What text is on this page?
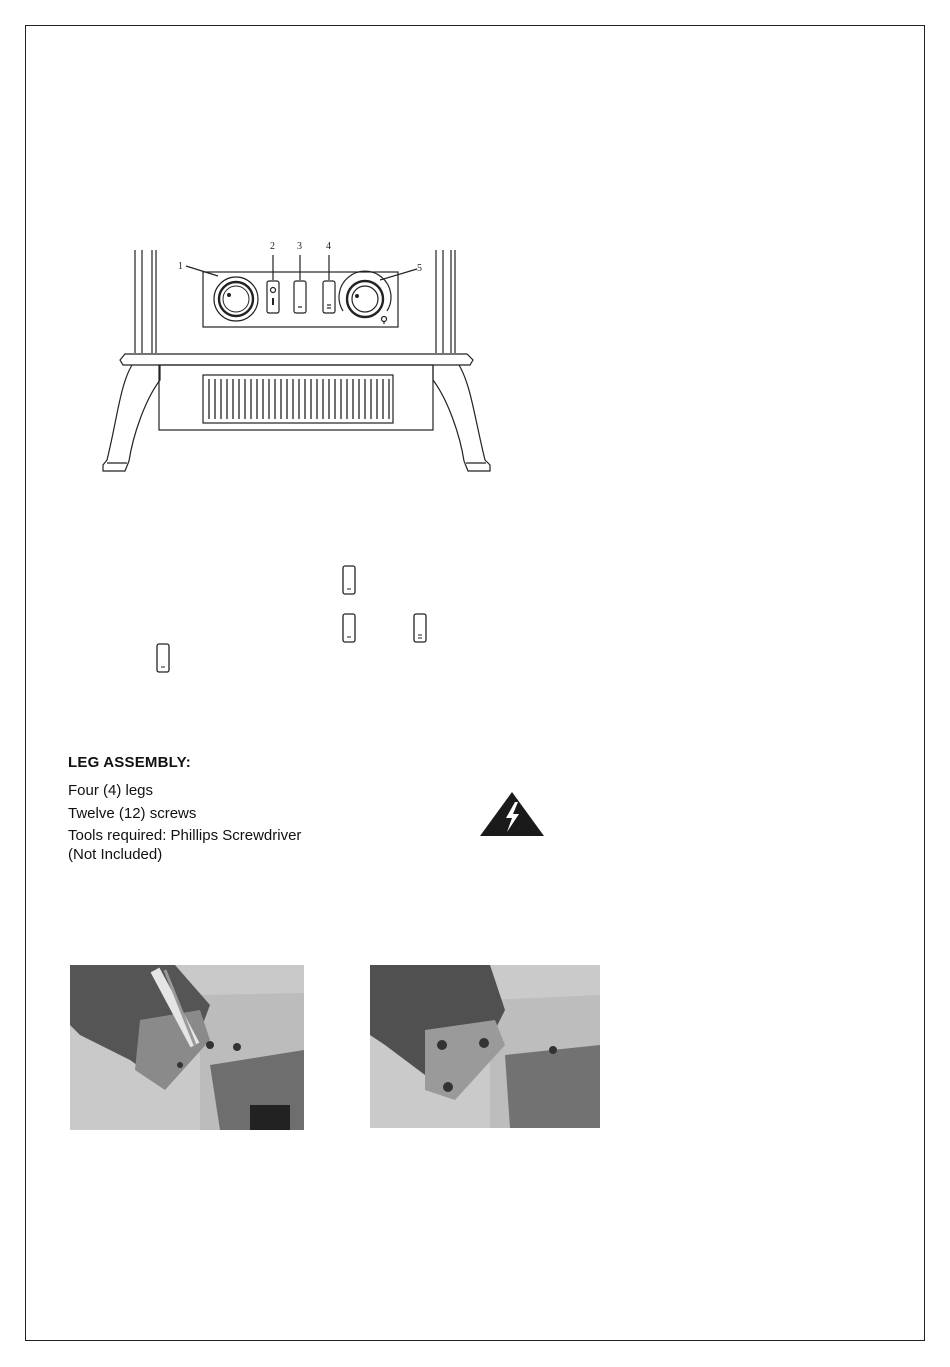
1
2 3 4
5
LEG ASSEMBLY:
Four (4) legs
Twelve (12) screws
Tools required: Phillips Screwdriver
(Not Included)
